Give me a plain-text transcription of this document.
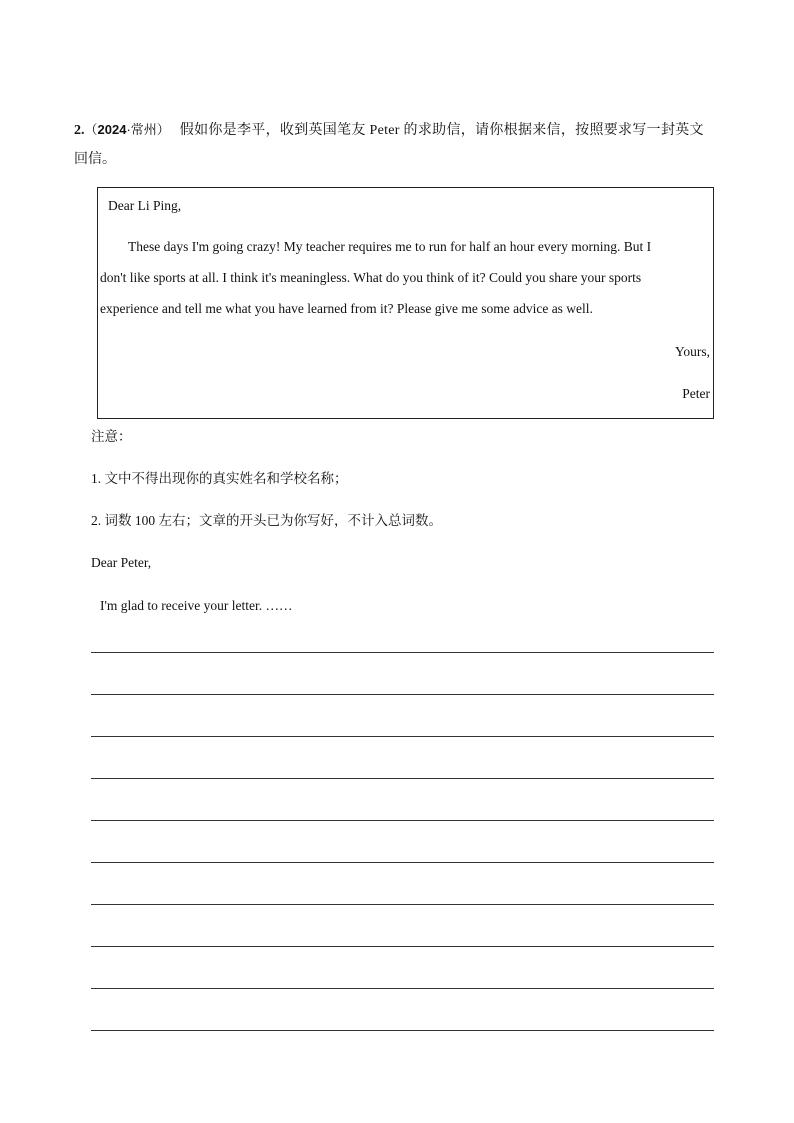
2.（2024·常州） 假如你是李平，收到英国笔友 Peter 的求助信，请你根据来信，按照要求写一封英文
回信。
Dear Li Ping,
These days I'm going crazy! My teacher requires me to run for half an hour every morning. But I
don't like sports at all. I think it's meaningless. What do you think of it? Could you share your sports
experience and tell me what you have learned from it? Please give me some advice as well.
Yours,
Peter
注意：
1. 文中不得出现你的真实姓名和学校名称；
2. 词数 100 左右；文章的开头已为你写好，不计入总词数。
Dear Peter,
I'm glad to receive your letter. ……
